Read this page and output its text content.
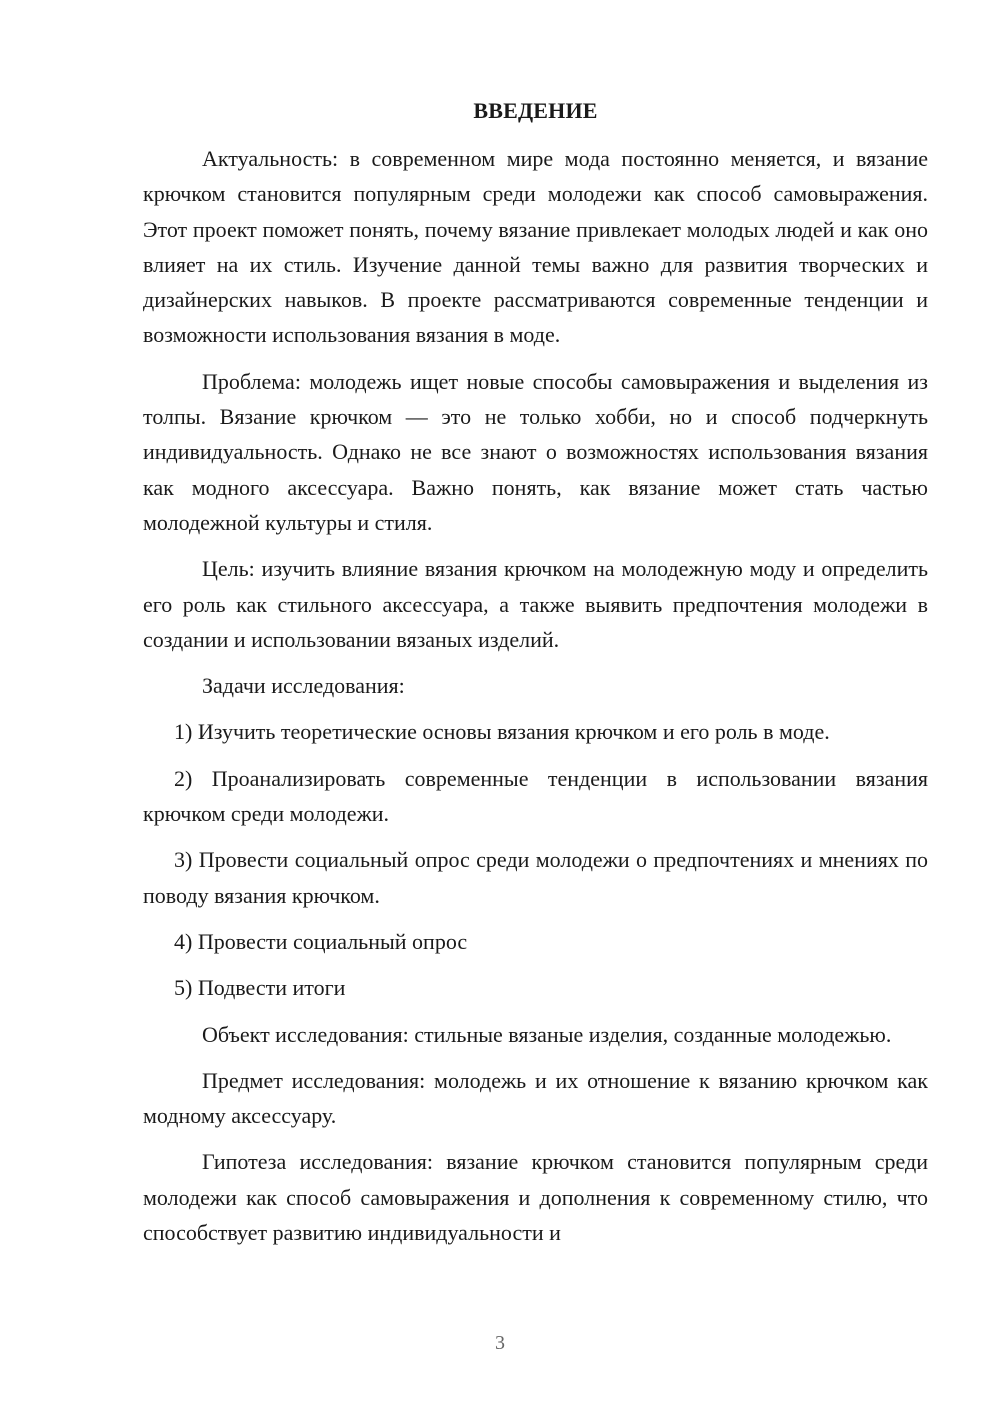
ВВЕДЕНИЕ

Актуальность: в современном мире мода постоянно меняется, и вязание крючком становится популярным среди молодежи как способ самовыражения. Этот проект поможет понять, почему вязание привлекает молодых людей и как оно влияет на их стиль. Изучение данной темы важно для развития творческих и дизайнерских навыков. В проекте рассматриваются современные тенденции и возможности использования вязания в моде.

Проблема: молодежь ищет новые способы самовыражения и выделения из толпы. Вязание крючком — это не только хобби, но и способ подчеркнуть индивидуальность. Однако не все знают о возможностях использования вязания как модного аксессуара. Важно понять, как вязание может стать частью молодежной культуры и стиля.

Цель: изучить влияние вязания крючком на молодежную моду и определить его роль как стильного аксессуара, а также выявить предпочтения молодежи в создании и использовании вязаных изделий.

Задачи исследования:

1) Изучить теоретические основы вязания крючком и его роль в моде.

2) Проанализировать современные тенденции в использовании вязания крючком среди молодежи.

3) Провести социальный опрос среди молодежи о предпочтениях и мнениях по поводу вязания крючком.

4) Провести социальный опрос

5) Подвести итоги

Объект исследования: стильные вязаные изделия, созданные молодежью.

Предмет исследования: молодежь и их отношение к вязанию крючком как модному аксессуару.

Гипотеза исследования: вязание крючком становится популярным среди молодежи как способ самовыражения и дополнения к современному стилю, что способствует развитию индивидуальности и

3
